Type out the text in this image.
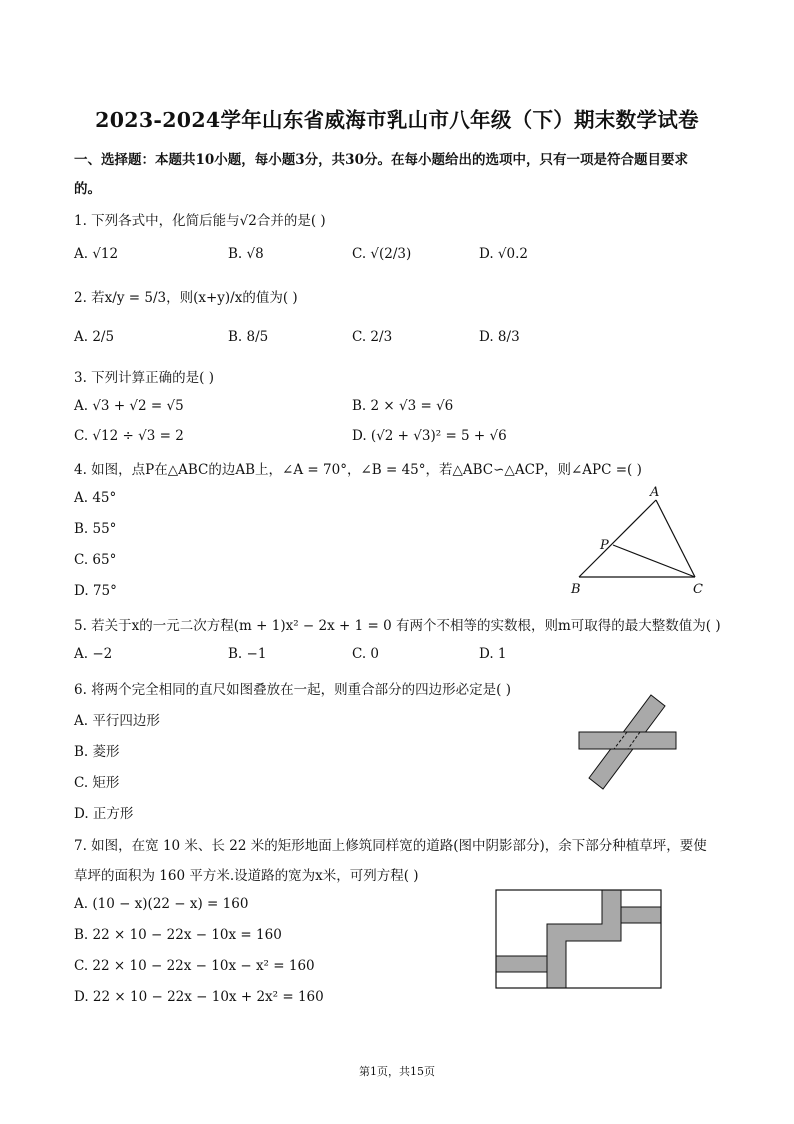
2023-2024学年山东省威海市乳山市八年级（下）期末数学试卷
一、选择题：本题共10小题，每小题3分，共30分。在每小题给出的选项中，只有一项是符合题目要求
的。
1. 下列各式中，化简后能与√2合并的是( )
A. √12	B. √8	C. √(2/3)	D. √0.2
2. 若x/y = 5/3，则(x+y)/x的值为( )
A. 2/5	B. 8/5	C. 2/3	D. 8/3
3. 下列计算正确的是( )
A. √3 + √2 = √5	B. 2 × √3 = √6
C. √12 ÷ √3 = 2	D. (√2 + √3)² = 5 + √6
4. 如图，点P在△ABC的边AB上，∠A = 70°，∠B = 45°，若△ABC∽△ACP，则∠APC =( )
A. 45°
B. 55°
C. 65°
D. 75°
A
P
B	C
5. 若关于x的一元二次方程(m + 1)x² − 2x + 1 = 0 有两个不相等的实数根，则m可取得的最大整数值为( )
A. −2	B. −1	C. 0	D. 1
6. 将两个完全相同的直尺如图叠放在一起，则重合部分的四边形必定是( )
A. 平行四边形
B. 菱形
C. 矩形
D. 正方形
7. 如图，在宽 10 米、长 22 米的矩形地面上修筑同样宽的道路(图中阴影部分)，余下部分种植草坪，要使
草坪的面积为 160 平方米.设道路的宽为x米，可列方程( )
A. (10 − x)(22 − x) = 160
B. 22 × 10 − 22x − 10x = 160
C. 22 × 10 − 22x − 10x − x² = 160
D. 22 × 10 − 22x − 10x + 2x² = 160
第1页，共15页
